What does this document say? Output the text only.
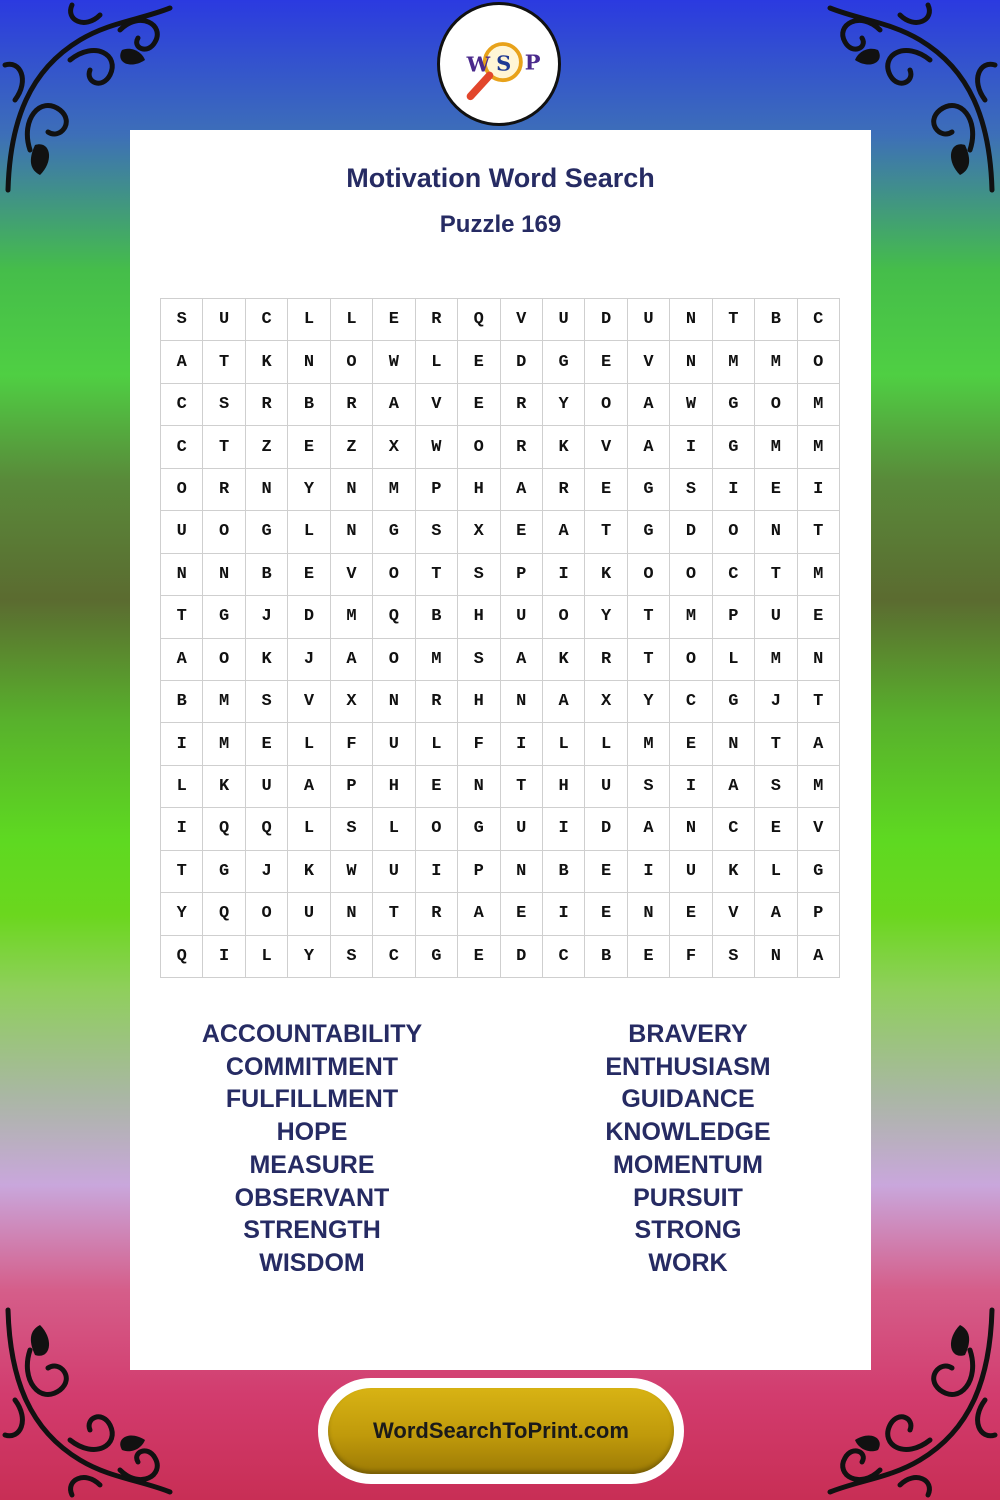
W S P
Motivation Word Search
Puzzle 169
S	U	C	L	L	E	R	Q	V	U	D	U	N	T	B	C
A	T	K	N	O	W	L	E	D	G	E	V	N	M	M	O
C	S	R	B	R	A	V	E	R	Y	O	A	W	G	O	M
C	T	Z	E	Z	X	W	O	R	K	V	A	I	G	M	M
O	R	N	Y	N	M	P	H	A	R	E	G	S	I	E	I
U	O	G	L	N	G	S	X	E	A	T	G	D	O	N	T
N	N	B	E	V	O	T	S	P	I	K	O	O	C	T	M
T	G	J	D	M	Q	B	H	U	O	Y	T	M	P	U	E
A	O	K	J	A	O	M	S	A	K	R	T	O	L	M	N
B	M	S	V	X	N	R	H	N	A	X	Y	C	G	J	T
I	M	E	L	F	U	L	F	I	L	L	M	E	N	T	A
L	K	U	A	P	H	E	N	T	H	U	S	I	A	S	M
I	Q	Q	L	S	L	O	G	U	I	D	A	N	C	E	V
T	G	J	K	W	U	I	P	N	B	E	I	U	K	L	G
Y	Q	O	U	N	T	R	A	E	I	E	N	E	V	A	P
Q	I	L	Y	S	C	G	E	D	C	B	E	F	S	N	A
ACCOUNTABILITY
COMMITMENT
FULFILLMENT
HOPE
MEASURE
OBSERVANT
STRENGTH
WISDOM
BRAVERY
ENTHUSIASM
GUIDANCE
KNOWLEDGE
MOMENTUM
PURSUIT
STRONG
WORK
WordSearchToPrint.com
